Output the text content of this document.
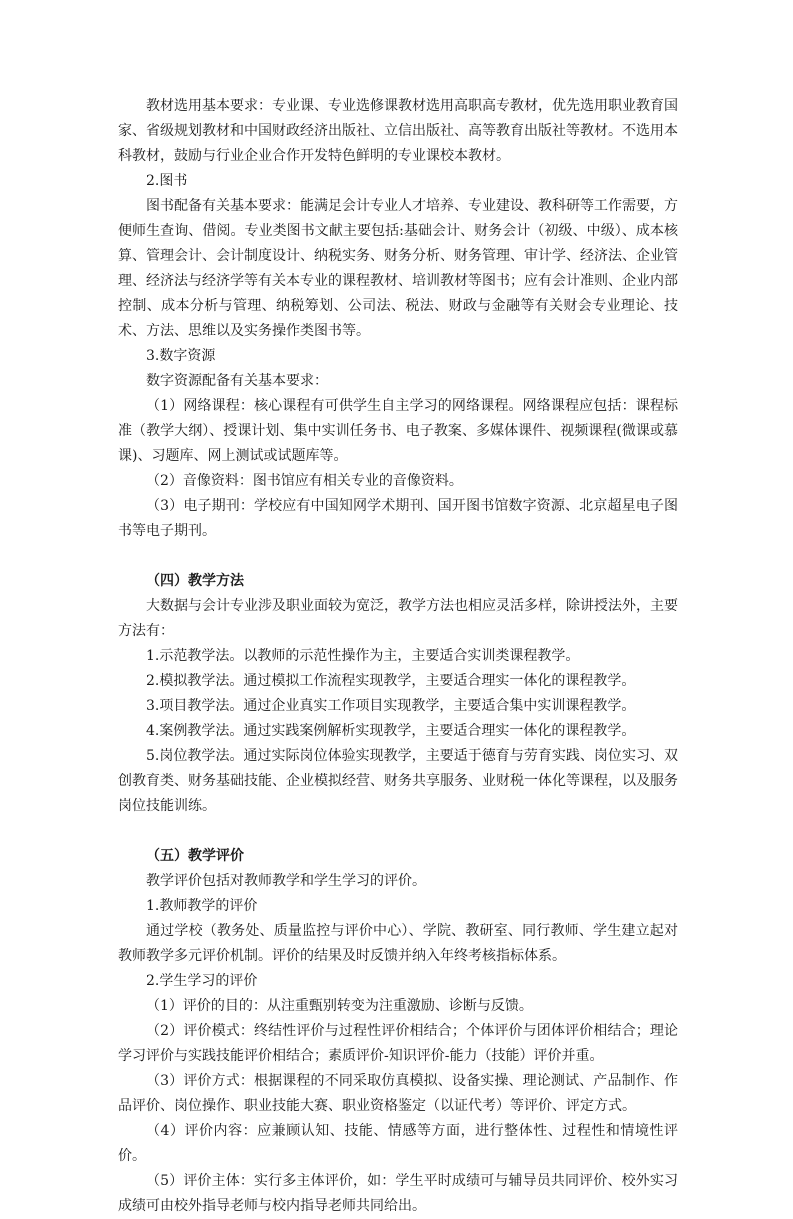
教材选用基本要求：专业课、专业选修课教材选用高职高专教材，优先选用职业教育国家、省级规划教材和中国财政经济出版社、立信出版社、高等教育出版社等教材。不选用本科教材，鼓励与行业企业合作开发特色鲜明的专业课校本教材。
2.图书
图书配备有关基本要求：能满足会计专业人才培养、专业建设、教科研等工作需要，方便师生查询、借阅。专业类图书文献主要包括:基础会计、财务会计（初级、中级）、成本核算、管理会计、会计制度设计、纳税实务、财务分析、财务管理、审计学、经济法、企业管理、经济法与经济学等有关本专业的课程教材、培训教材等图书；应有会计准则、企业内部控制、成本分析与管理、纳税筹划、公司法、税法、财政与金融等有关财会专业理论、技术、方法、思维以及实务操作类图书等。
3.数字资源
数字资源配备有关基本要求：
（1）网络课程：核心课程有可供学生自主学习的网络课程。网络课程应包括：课程标准（教学大纲）、授课计划、集中实训任务书、电子教案、多媒体课件、视频课程(微课或慕课)、习题库、网上测试或试题库等。
（2）音像资料：图书馆应有相关专业的音像资料。
（3）电子期刊：学校应有中国知网学术期刊、国开图书馆数字资源、北京超星电子图书等电子期刊。
（四）教学方法
大数据与会计专业涉及职业面较为宽泛，教学方法也相应灵活多样，除讲授法外，主要方法有：
1.示范教学法。以教师的示范性操作为主，主要适合实训类课程教学。
2.模拟教学法。通过模拟工作流程实现教学，主要适合理实一体化的课程教学。
3.项目教学法。通过企业真实工作项目实现教学，主要适合集中实训课程教学。
4.案例教学法。通过实践案例解析实现教学，主要适合理实一体化的课程教学。
5.岗位教学法。通过实际岗位体验实现教学，主要适于德育与劳育实践、岗位实习、双创教育类、财务基础技能、企业模拟经营、财务共享服务、业财税一体化等课程，以及服务岗位技能训练。
（五）教学评价
教学评价包括对教师教学和学生学习的评价。
1.教师教学的评价
通过学校（教务处、质量监控与评价中心）、学院、教研室、同行教师、学生建立起对教师教学多元评价机制。评价的结果及时反馈并纳入年终考核指标体系。
2.学生学习的评价
（1）评价的目的：从注重甄别转变为注重激励、诊断与反馈。
（2）评价模式：终结性评价与过程性评价相结合；个体评价与团体评价相结合；理论学习评价与实践技能评价相结合；素质评价-知识评价-能力（技能）评价并重。
（3）评价方式：根据课程的不同采取仿真模拟、设备实操、理论测试、产品制作、作品评价、岗位操作、职业技能大赛、职业资格鉴定（以证代考）等评价、评定方式。
（4）评价内容：应兼顾认知、技能、情感等方面，进行整体性、过程性和情境性评价。
（5）评价主体：实行多主体评价，如：学生平时成绩可与辅导员共同评价、校外实习成绩可由校外指导老师与校内指导老师共同给出。
